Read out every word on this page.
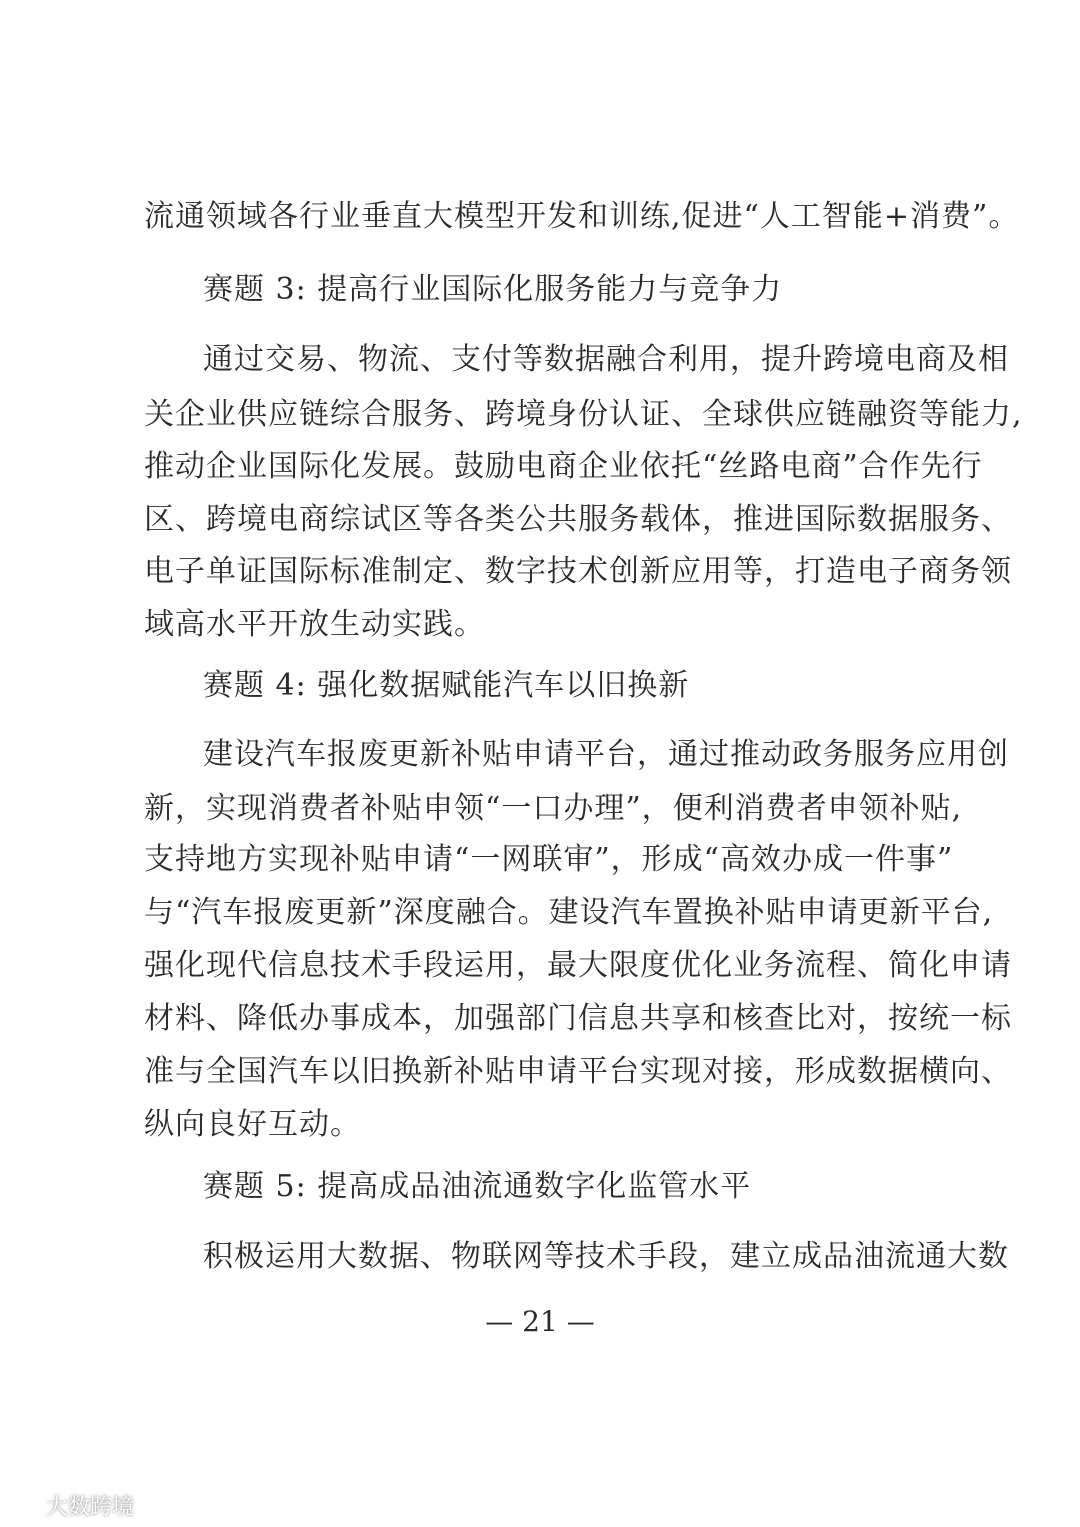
流通领域各行业垂直大模型开发和训练,促进“人工智能+消费”。
赛题 3: 提高行业国际化服务能力与竞争力
通过交易、物流、支付等数据融合利用，提升跨境电商及相
关企业供应链综合服务、跨境身份认证、全球供应链融资等能力,
推动企业国际化发展。鼓励电商企业依托“丝路电商”合作先行
区、跨境电商综试区等各类公共服务载体，推进国际数据服务、
电子单证国际标准制定、数字技术创新应用等，打造电子商务领
域高水平开放生动实践。
赛题 4: 强化数据赋能汽车以旧换新
建设汽车报废更新补贴申请平台，通过推动政务服务应用创
新，实现消费者补贴申领“一口办理”，便利消费者申领补贴,
支持地方实现补贴申请“一网联审”，形成“高效办成一件事”
与“汽车报废更新”深度融合。建设汽车置换补贴申请更新平台,
强化现代信息技术手段运用，最大限度优化业务流程、简化申请
材料、降低办事成本，加强部门信息共享和核查比对，按统一标
准与全国汽车以旧换新补贴申请平台实现对接，形成数据横向、
纵向良好互动。
赛题 5: 提高成品油流通数字化监管水平
积极运用大数据、物联网等技术手段，建立成品油流通大数
— 21 —
大数跨境
